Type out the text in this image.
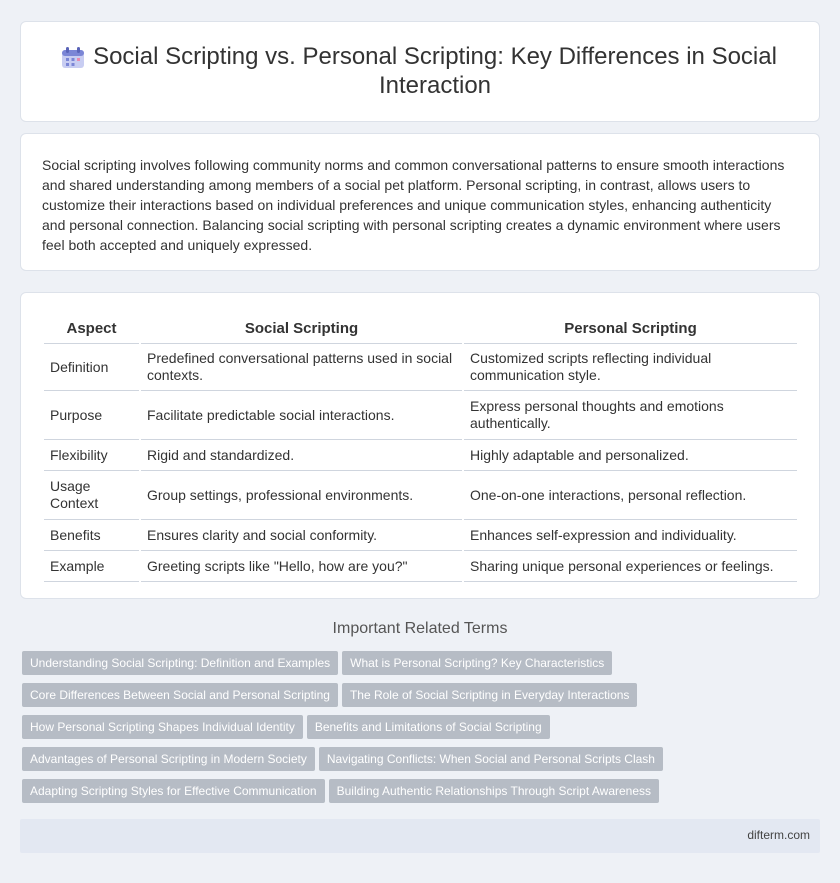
Social Scripting vs. Personal Scripting: Key Differences in Social Interaction

Social scripting involves following community norms and common conversational patterns to ensure smooth interactions and shared understanding among members of a social pet platform. Personal scripting, in contrast, allows users to customize their interactions based on individual preferences and unique communication styles, enhancing authenticity and personal connection. Balancing social scripting with personal scripting creates a dynamic environment where users feel both accepted and uniquely expressed.

Aspect	Social Scripting	Personal Scripting
Definition	Predefined conversational patterns used in social contexts.	Customized scripts reflecting individual communication style.
Purpose	Facilitate predictable social interactions.	Express personal thoughts and emotions authentically.
Flexibility	Rigid and standardized.	Highly adaptable and personalized.
Usage Context	Group settings, professional environments.	One-on-one interactions, personal reflection.
Benefits	Ensures clarity and social conformity.	Enhances self-expression and individuality.
Example	Greeting scripts like "Hello, how are you?"	Sharing unique personal experiences or feelings.
Important Related Terms
Understanding Social Scripting: Definition and Examples What is Personal Scripting? Key Characteristics
Core Differences Between Social and Personal Scripting The Role of Social Scripting in Everyday Interactions
How Personal Scripting Shapes Individual Identity Benefits and Limitations of Social Scripting
Advantages of Personal Scripting in Modern Society Navigating Conflicts: When Social and Personal Scripts Clash
Adapting Scripting Styles for Effective Communication Building Authentic Relationships Through Script Awareness
difterm.com
